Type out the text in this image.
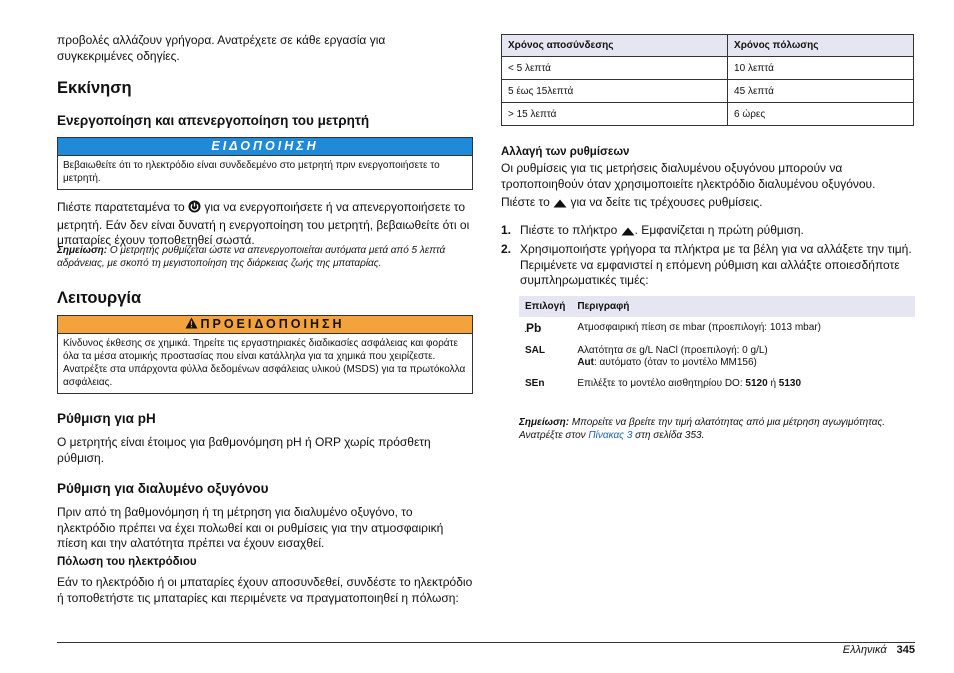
προβολές αλλάζουν γρήγορα. Ανατρέχετε σε κάθε εργασία για συγκεκριμένες οδηγίες.

Εκκίνηση
Ενεργοποίηση και απενεργοποίηση του μετρητή
ΕΙΔΟΠΟΙΗΣΗ
Βεβαιωθείτε ότι το ηλεκτρόδιο είναι συνδεδεμένο στο μετρητή πριν ενεργοποιήσετε το μετρητή.

Πιέστε παρατεταμένα το για να ενεργοποιήσετε ή να απενεργοποιήσετε το μετρητή. Εάν δεν είναι δυνατή η ενεργοποίηση του μετρητή, βεβαιωθείτε ότι οι μπαταρίες έχουν τοποθετηθεί σωστά.

Σημείωση: Ο μετρητής ρυθμίζεται ώστε να απενεργοποιείται αυτόματα μετά από 5 λεπτά αδράνειας, με σκοπό τη μεγιστοποίηση της διάρκειας ζωής της μπαταρίας.

Λειτουργία
ΠΡΟΕΙΔΟΠΟΙΗΣΗ
Κίνδυνος έκθεσης σε χημικά. Τηρείτε τις εργαστηριακές διαδικασίες ασφάλειας και φοράτε όλα τα μέσα ατομικής προστασίας που είναι κατάλληλα για τα χημικά που χειρίζεστε. Ανατρέξτε στα υπάρχοντα φύλλα δεδομένων ασφάλειας υλικού (MSDS) για τα πρωτόκολλα ασφάλειας.
Ρύθμιση για pH

Ο μετρητής είναι έτοιμος για βαθμονόμηση pH ή ORP χωρίς πρόσθετη ρύθμιση.

Ρύθμιση για διαλυμένο οξυγόνου

Πριν από τη βαθμονόμηση ή τη μέτρηση για διαλυμένο οξυγόνο, το ηλεκτρόδιο πρέπει να έχει πολωθεί και οι ρυθμίσεις για την ατμοσφαιρική πίεση και την αλατότητα πρέπει να έχουν εισαχθεί.

Πόλωση του ηλεκτρόδιου

Εάν το ηλεκτρόδιο ή οι μπαταρίες έχουν αποσυνδεθεί, συνδέστε το ηλεκτρόδιο ή τοποθετήστε τις μπαταρίες και περιμένετε να πραγματοποιηθεί η πόλωση:

Χρόνος αποσύνδεσης	Χρόνος πόλωσης
< 5 λεπτά	10 λεπτά
5 έως 15λεπτά	45 λεπτά
> 15 λεπτά	6 ώρες
Αλλαγή των ρυθμίσεων

Οι ρυθμίσεις για τις μετρήσεις διαλυμένου οξυγόνου μπορούν να τροποποιηθούν όταν χρησιμοποιείτε ηλεκτρόδιο διαλυμένου οξυγόνου.

Πιέστε το για να δείτε τις τρέχουσες ρυθμίσεις.

1. Πιέστε το πλήκτρο . Εμφανίζεται η πρώτη ρύθμιση.
2. Χρησιμοποιήστε γρήγορα τα πλήκτρα με τα βέλη για να αλλάξετε την τιμή. Περιμένετε να εμφανιστεί η επόμενη ρύθμιση και αλλάξτε οποιεσδήποτε συμπληρωματικές τιμές:
Επιλογή	Περιγραφή
Pb	Ατμοσφαιρική πίεση σε mbar (προεπιλογή: 1013 mbar)
SAL	Αλατότητα σε g/L NaCl (προεπιλογή: 0 g/L)
Aut: αυτόματο (όταν το μοντέλο MM156)

SEn	Επιλέξτε το μοντέλο αισθητηρίου DO: 5120 ή 5130

Σημείωση: Μπορείτε να βρείτε την τιμή αλατότητας από μια μέτρηση αγωγιμότητας. Ανατρέξτε στον Πίνακας 3 στη σελίδα 353.

Ελληνικά 345
